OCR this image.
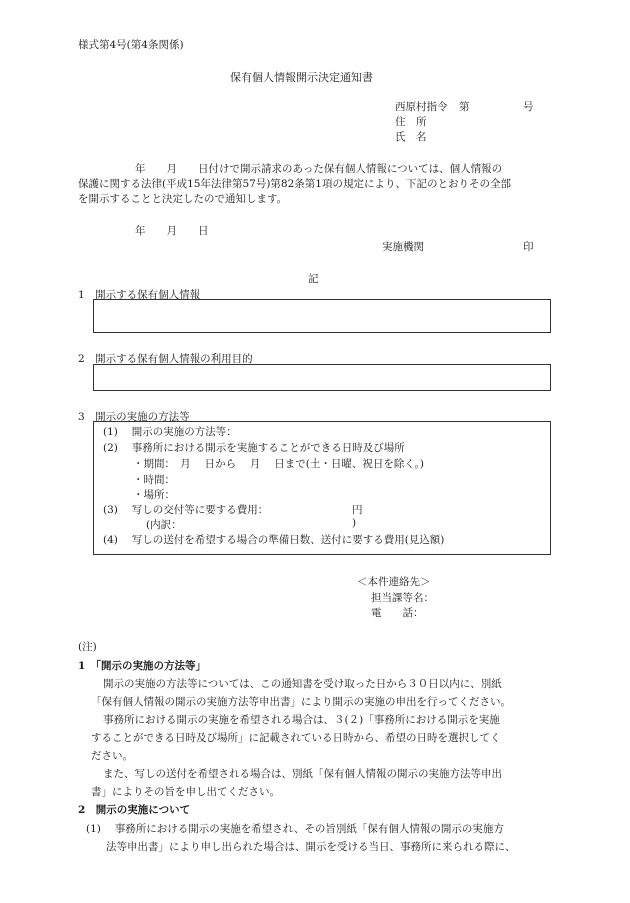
様式第4号(第4条関係)
保有個人情報開示決定通知書
西原村指令 第	号
住　所
氏　名
年　　月　　日付けで開示請求のあった保有個人情報については、個人情報の
保護に関する法律(平成15年法律第57号)第82条第1項の規定により、下記のとおりその全部
を開示することと決定したので通知します。
年　　月　　日
実施機関	印
記
1　開示する保有個人情報
2　開示する保有個人情報の利用目的
3　開示の実施の方法等
(1)　 開示の実施の方法等：
(2)　 事務所における開示を実施することができる日時及び場所
・期間：　月　 日から　 月　 日まで(土・日曜、祝日を除く。)
・時間：
・場所：
(3)　 写しの交付等に要する費用：	円
(内訳：	)
(4)　 写しの送付を希望する場合の準備日数、送付に要する費用(見込額)
＜本件連絡先＞
担当課等名：
電　　話：
(注)
1　「開示の実施の方法等」
開示の実施の方法等については、この通知書を受け取った日から３０日以内に、別紙
「保有個人情報の開示の実施方法等申出書」により開示の実施の申出を行ってください。
事務所における開示の実施を希望される場合は、３(２)「事務所における開示を実施
することができる日時及び場所」に記載されている日時から、希望の日時を選択してく
ださい。
また、写しの送付を希望される場合は、別紙「保有個人情報の開示の実施方法等申出
書」によりその旨を申し出てください。
2　開示の実施について
(1)　 事務所における開示の実施を希望され、その旨別紙「保有個人情報の開示の実施方
法等申出書」により申し出られた場合は、開示を受ける当日、事務所に来られる際に、
